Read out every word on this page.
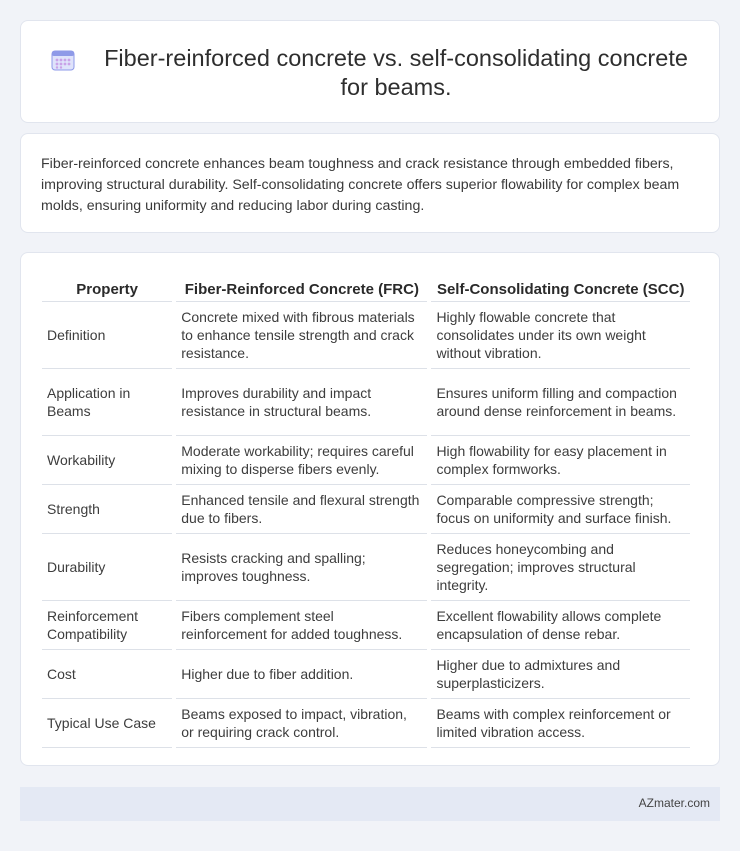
Fiber-reinforced concrete vs. self-consolidating concrete for beams.

Fiber-reinforced concrete enhances beam toughness and crack resistance through embedded fibers, improving structural durability. Self-consolidating concrete offers superior flowability for complex beam molds, ensuring uniformity and reducing labor during casting.

Property	Fiber-Reinforced Concrete (FRC)	Self-Consolidating Concrete (SCC)
Definition	Concrete mixed with fibrous materials to enhance tensile strength and crack resistance.	Highly flowable concrete that consolidates under its own weight without vibration.
Application in Beams	Improves durability and impact resistance in structural beams.	Ensures uniform filling and compaction around dense reinforcement in beams.
Workability	Moderate workability; requires careful mixing to disperse fibers evenly.	High flowability for easy placement in complex formworks.
Strength	Enhanced tensile and flexural strength due to fibers.	Comparable compressive strength; focus on uniformity and surface finish.
Durability	Resists cracking and spalling; improves toughness.	Reduces honeycombing and segregation; improves structural integrity.
Reinforcement Compatibility	Fibers complement steel reinforcement for added toughness.	Excellent flowability allows complete encapsulation of dense rebar.
Cost	Higher due to fiber addition.	Higher due to admixtures and superplasticizers.
Typical Use Case	Beams exposed to impact, vibration, or requiring crack control.	Beams with complex reinforcement or limited vibration access.
AZmater.com
